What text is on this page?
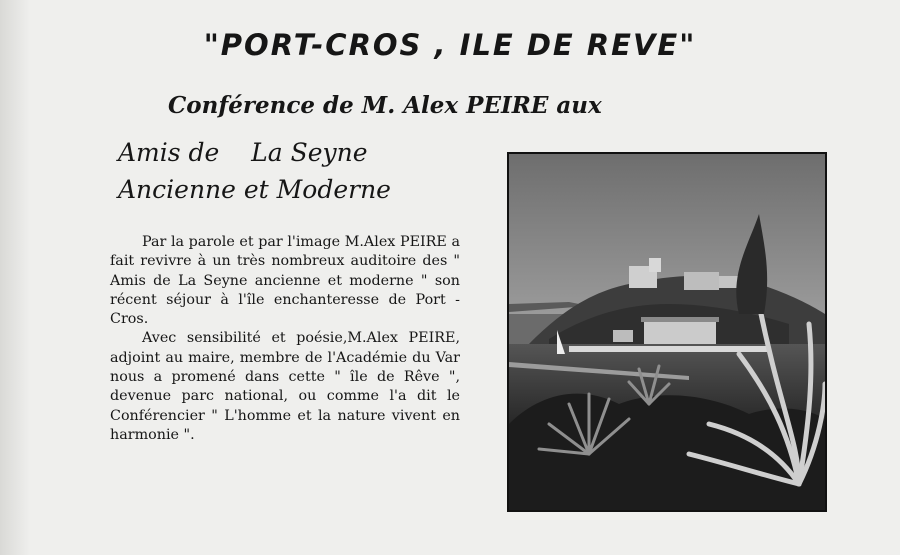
"PORT-CROS , ILE DE REVE"
Conférence de M. Alex PEIRE aux
Amis de    La Seyne
Ancienne et Moderne

Par la parole et par l'image M.Alex PEIRE a fait revivre à un très nombreux auditoire des " Amis de La Seyne ancienne et moderne " son récent séjour à l'île enchanteresse de Port - Cros.

Avec sensibilité et poésie,M.Alex PEIRE, adjoint au maire, membre de l'Académie du Var nous a promené dans cette " île de Rêve ", devenue parc national, ou comme l'a dit le Conférencier " L'homme et la nature vivent en harmonie ".
